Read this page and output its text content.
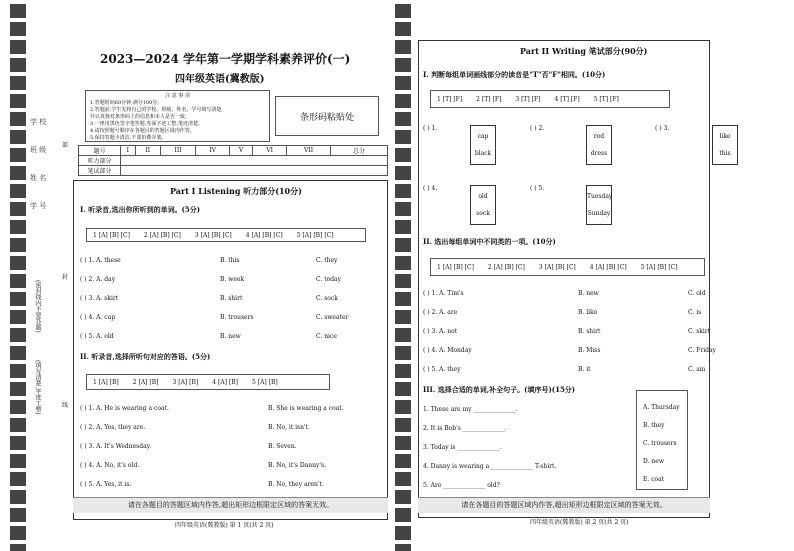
学 校
班 级
姓 名
学 号
部
封
线
(密封线内不要答题)
(填写清楚,字迹工整)
2023—2024 学年第一学期学科素养评价(一)
四年级英语(冀教版)
注 意 事 项
1.答题时间60分钟,满分100分。
2.答题前,学生先将自己的学校、班级、姓名、学号填写清楚,
并认真核对条形码上的信息和本人是否一致。
3.一律用黑色签字笔答题,卷面字迹工整,笔迹清楚。
4.请按照题号顺序在各题目的答题区域内作答。
5.保持答题卡清洁,不要折叠弄皱。
条形码粘贴处
题号	I	II	III	IV	V	VI	VII	总分
听力部分								
笔试部分								
Part I Listening 听力部分(10分)
I. 听录音,选出你所听到的单词。(5分)
1 [A] [B] [C] 2 [A] [B] [C] 3 [A] [B] [C] 4 [A] [B] [C] 5 [A] [B] [C]
( ) 1. A. these	B. this	C. they
( ) 2. A. day	B. week	C. today
( ) 3. A. skirt	B. shirt	C. sock
( ) 4. A. cap	B. trousers	C. sweater
( ) 5. A. old	B. new	C. nice
II. 听录音,选择所听句对应的答语。(5分)
1 [A] [B] 2 [A] [B] 3 [A] [B] 4 [A] [B] 5 [A] [B]
( ) 1. A. He is wearing a coat.	B. She is wearing a coat.
( ) 2. A. Yes, they are.	B. No, it isn't.
( ) 3. A. It's Wednesday.	B. Seven.
( ) 4. A. No, it's old.	B. No, it's Danny's.
( ) 5. A. Yes, it is.	B. No, they aren't.
请在各题目的答题区域内作答,超出矩形边框限定区域的答案无效。
四年级英语(冀教版) 第 1 页(共 2 页)
Part II Writing 笔试部分(90分)
I. 判断每组单词画线部分的读音是"T"否"F"相同。(10分)
1 [T] [F] 2 [T] [F] 3 [T] [F] 4 [T] [F] 5 [T] [F]
( ) 1.
cap
black
( ) 2.
red
dress
( ) 3.
like
this
( ) 4.
old
sock
( ) 5.
Tuesday
Sunday
II. 选出每组单词中不同类的一项。(10分)
1 [A] [B] [C] 2 [A] [B] [C] 3 [A] [B] [C] 4 [A] [B] [C] 5 [A] [B] [C]
( ) 1. A. Tim's	B. new	C. old
( ) 2. A. are	B. like	C. is
( ) 3. A. not	B. shirt	C. skirt
( ) 4. A. Monday	B. Miss	C. Friday
( ) 5. A. they	B. it	C. am
III. 选择合适的单词,补全句子。(填序号)(15分)
1. These are my ______________.
2. It is Bob's ______________.
3. Today is ______________.
4. Danny is wearing a ______________ T-shirt.
5. Are ______________ old?
A. Thursday
B. they
C. trousers
D. new
E. coat
请在各题目的答题区域内作答,超出矩形边框限定区域的答案无效。
四年级英语(冀教版) 第 2 页(共 2 页)
